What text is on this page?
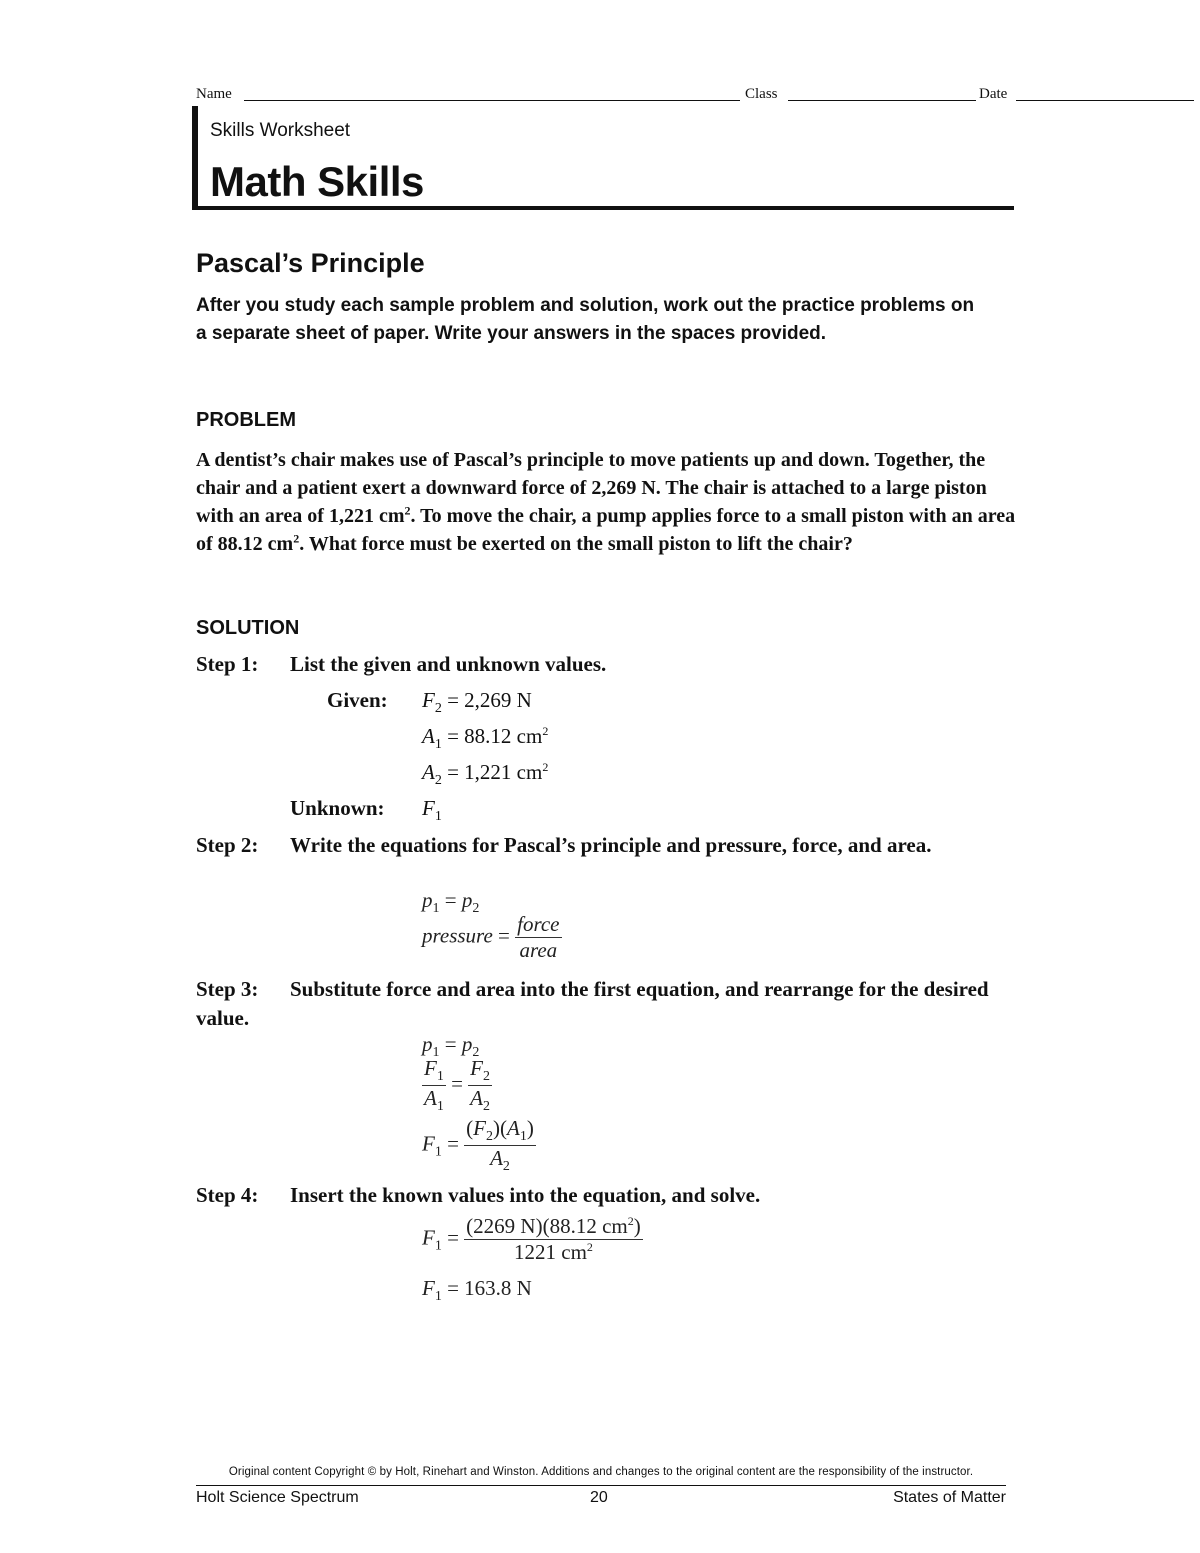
Name	Class	Date
Skills Worksheet
Math Skills
Pascal’s Principle
After you study each sample problem and solution, work out the practice problems on a separate sheet of paper. Write your answers in the spaces provided.
PROBLEM
A dentist’s chair makes use of Pascal’s principle to move patients up and down. Together, the chair and a patient exert a downward force of 2,269 N. The chair is attached to a large piston with an area of 1,221 $cm^2$. To move the chair, a pump applies force to a small piston with an area of 88.12 $cm^2$. What force must be exerted on the small piston to lift the chair?
SOLUTION
Step 1: List the given and unknown values.
Given: $F_2 = 2,269$ N
$A_1 = 88.12$ $cm^2$
$A_2 = 1,221$ $cm^2$
Unknown: $F_1$
Step 2: Write the equations for Pascal’s principle and pressure, force, and area.
$p_1 = p_2$
pressure = $\frac{\text{force}}{\text{area}}$
Step 3: Substitute force and area into the first equation, and rearrange for the desired value.
$p_1 = p_2$
$\frac{F_1}{A_1} = \frac{F_2}{A_2}$
$F_1 = \frac{(F_2)(A_1)}{A_2}$
Step 4: Insert the known values into the equation, and solve.
$F_1 = \frac{(2269 N)(88.12 cm^2)}{1221 cm^2}$
$F_1 = 163.8$ N
Original content Copyright © by Holt, Rinehart and Winston. Additions and changes to the original content are the responsibility of the instructor.
Holt Science Spectrum	20	States of Matter
